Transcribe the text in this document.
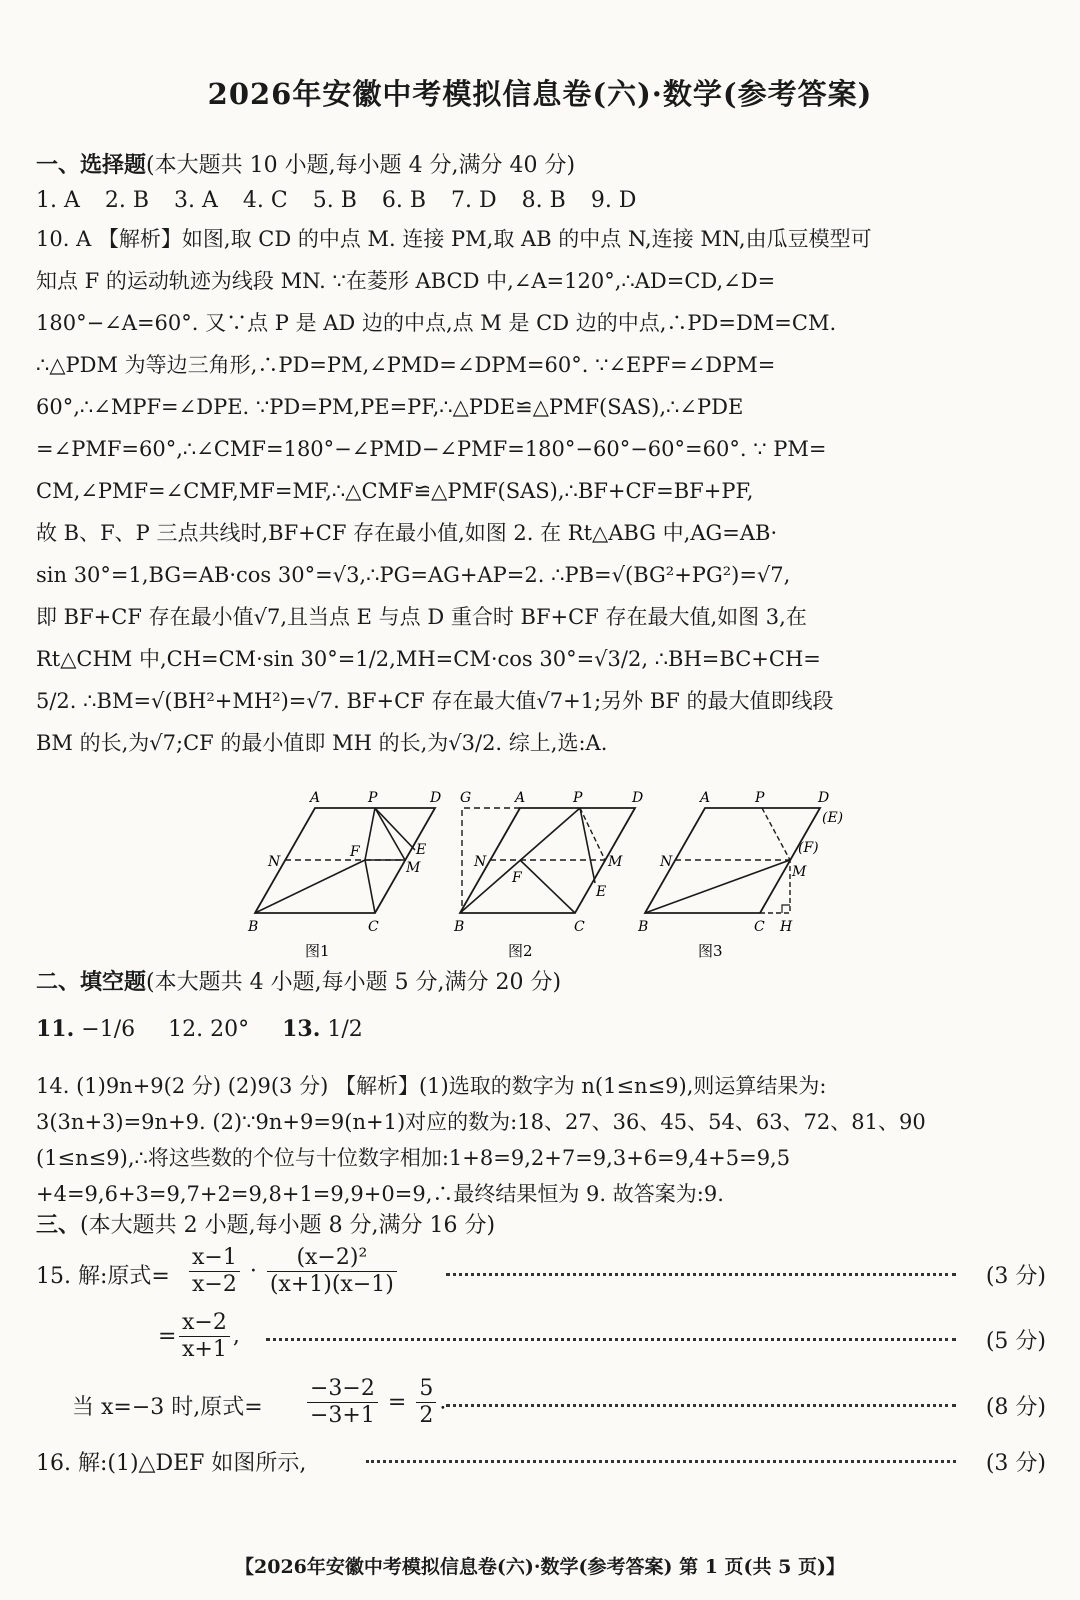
2026年安徽中考模拟信息卷(六)·数学(参考答案)
一、选择题(本大题共 10 小题,每小题 4 分,满分 40 分)
1. A 2. B 3. A 4. C 5. B 6. B 7. D 8. B 9. D
10. A 【解析】如图,取 CD 的中点 M. 连接 PM,取 AB 的中点 N,连接 MN,由瓜豆模型可
知点 F 的运动轨迹为线段 MN. ∵在菱形 ABCD 中,∠A=120°,∴AD=CD,∠D=
180°−∠A=60°. 又∵点 P 是 AD 边的中点,点 M 是 CD 边的中点,∴PD=DM=CM.
∴△PDM 为等边三角形,∴PD=PM,∠PMD=∠DPM=60°. ∵∠EPF=∠DPM=
60°,∴∠MPF=∠DPE. ∵PD=PM,PE=PF,∴△PDE≌△PMF(SAS),∴∠PDE
=∠PMF=60°,∴∠CMF=180°−∠PMD−∠PMF=180°−60°−60°=60°. ∵ PM=
CM,∠PMF=∠CMF,MF=MF,∴△CMF≌△PMF(SAS),∴BF+CF=BF+PF,
故 B、F、P 三点共线时,BF+CF 存在最小值,如图 2. 在 Rt△ABG 中,AG=AB·
sin 30°=1,BG=AB·cos 30°=√3,∴PG=AG+AP=2. ∴PB=√(BG²+PG²)=√7,
即 BF+CF 存在最小值√7,且当点 E 与点 D 重合时 BF+CF 存在最大值,如图 3,在
Rt△CHM 中,CH=CM·sin 30°=1/2,MH=CM·cos 30°=√3/2, ∴BH=BC+CH=
5/2. ∴BM=√(BH²+MH²)=√7. BF+CF 存在最大值√7+1;另外 BF 的最大值即线段
BM 的长,为√7;CF 的最小值即 MH 的长,为√3/2. 综上,选:A.
A	P	D
N
F	E
M
B	C
图1
G	A	P	D
N
F
M
E
B	C
图2
A	P	D
(E)
N
(F)
M
B	C H
图3
二、填空题(本大题共 4 小题,每小题 5 分,满分 20 分)
11. −1/6 12. 20° 13. 1/2
14. (1)9n+9(2 分) (2)9(3 分) 【解析】(1)选取的数字为 n(1≤n≤9),则运算结果为:
3(3n+3)=9n+9. (2)∵9n+9=9(n+1)对应的数为:18、27、36、45、54、63、72、81、90
(1≤n≤9),∴将这些数的个位与十位数字相加:1+8=9,2+7=9,3+6=9,4+5=9,5
+4=9,6+3=9,7+2=9,8+1=9,9+0=9,∴最终结果恒为 9. 故答案为:9.
三、(本大题共 2 小题,每小题 8 分,满分 16 分)
15. 解:原式= $\frac{x-1}{x-2} \cdot \frac{\text{(x−2)²}}{(x+1)(x-1)}$	(3 分)
= $\frac{x-2}{x+1}$ ,	(5 分)
当 x=−3 时,原式= $\frac{-3-2}{-3+1} = \frac{5}{2}$ .	(8 分)
16. 解:(1)△DEF 如图所示,	(3 分)
【2026年安徽中考模拟信息卷(六)·数学(参考答案) 第 1 页(共 5 页)】
